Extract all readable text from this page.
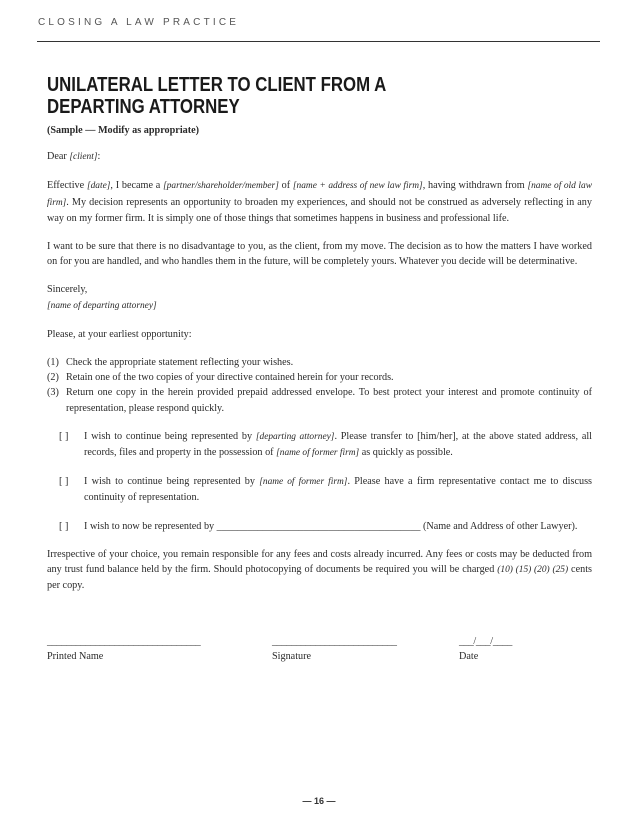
CLOSING A LAW PRACTICE
UNILATERAL LETTER TO CLIENT FROM A
DEPARTING ATTORNEY

(Sample — Modify as appropriate)

Dear [client]:

Effective [date], I became a [partner/shareholder/member] of [name + address of new law firm], having withdrawn from [name of old law firm]. My decision represents an opportunity to broaden my experiences, and should not be construed as adversely reflecting in any way on my former firm. It is simply one of those things that sometimes happens in business and professional life.

I want to be sure that there is no disadvantage to you, as the client, from my move. The decision as to how the matters I have worked on for you are handled, and who handles them in the future, will be completely yours. Whatever you decide will be determinative.

Sincerely,

[name of departing attorney]

Please, at your earliest opportunity:

(1) Check the appropriate statement reflecting your wishes.
(2) Retain one of the two copies of your directive contained herein for your records.
(3) Return one copy in the herein provided prepaid addressed envelope. To best protect your interest and promote continuity of representation, please respond quickly.
[ ]	I wish to continue being represented by [departing attorney]. Please transfer to [him/her], at the above stated address, all records, files and property in the possession of [name of former firm] as quickly as possible.
[ ]	I wish to continue being represented by [name of former firm]. Please have a firm representative contact me to discuss continuity of representation.
[ ]	I wish to now be represented by ________________________________________ (Name and Address of other Lawyer).

Irrespective of your choice, you remain responsible for any fees and costs already incurred. Any fees or costs may be deducted from any trust fund balance held by the firm. Should photocopying of documents be required you will be charged (10) (15) (20) (25) cents per copy.

________________________________
Printed Name
__________________________
Signature
___/___/____
Date
— 16 —
